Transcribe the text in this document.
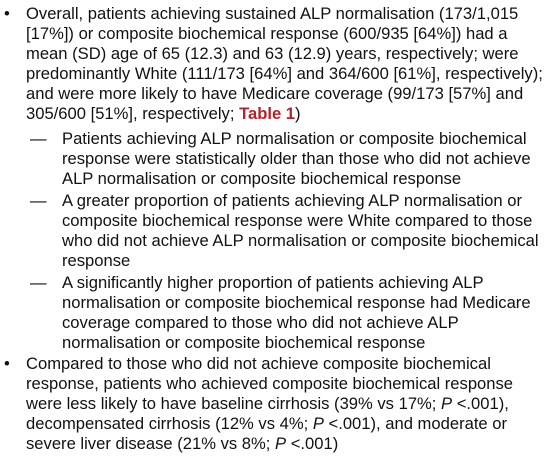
• Overall, patients achieving sustained ALP normalisation (173/1,015 [17%]) or composite biochemical response (600/935 [64%]) had a mean (SD) age of 65 (12.3) and 63 (12.9) years, respectively; were predominantly White (111/173 [64%] and 364/600 [61%], respectively); and were more likely to have Medicare coverage (99/173 [57%] and 305/600 [51%], respectively; Table 1)
— Patients achieving ALP normalisation or composite biochemical response were statistically older than those who did not achieve ALP normalisation or composite biochemical response
— A greater proportion of patients achieving ALP normalisation or composite biochemical response were White compared to those who did not achieve ALP normalisation or composite biochemical response
— A significantly higher proportion of patients achieving ALP normalisation or composite biochemical response had Medicare coverage compared to those who did not achieve ALP normalisation or composite biochemical response
• Compared to those who did not achieve composite biochemical response, patients who achieved composite biochemical response were less likely to have baseline cirrhosis (39% vs 17%; P <.001), decompensated cirrhosis (12% vs 4%; P <.001), and moderate or severe liver disease (21% vs 8%; P <.001)
